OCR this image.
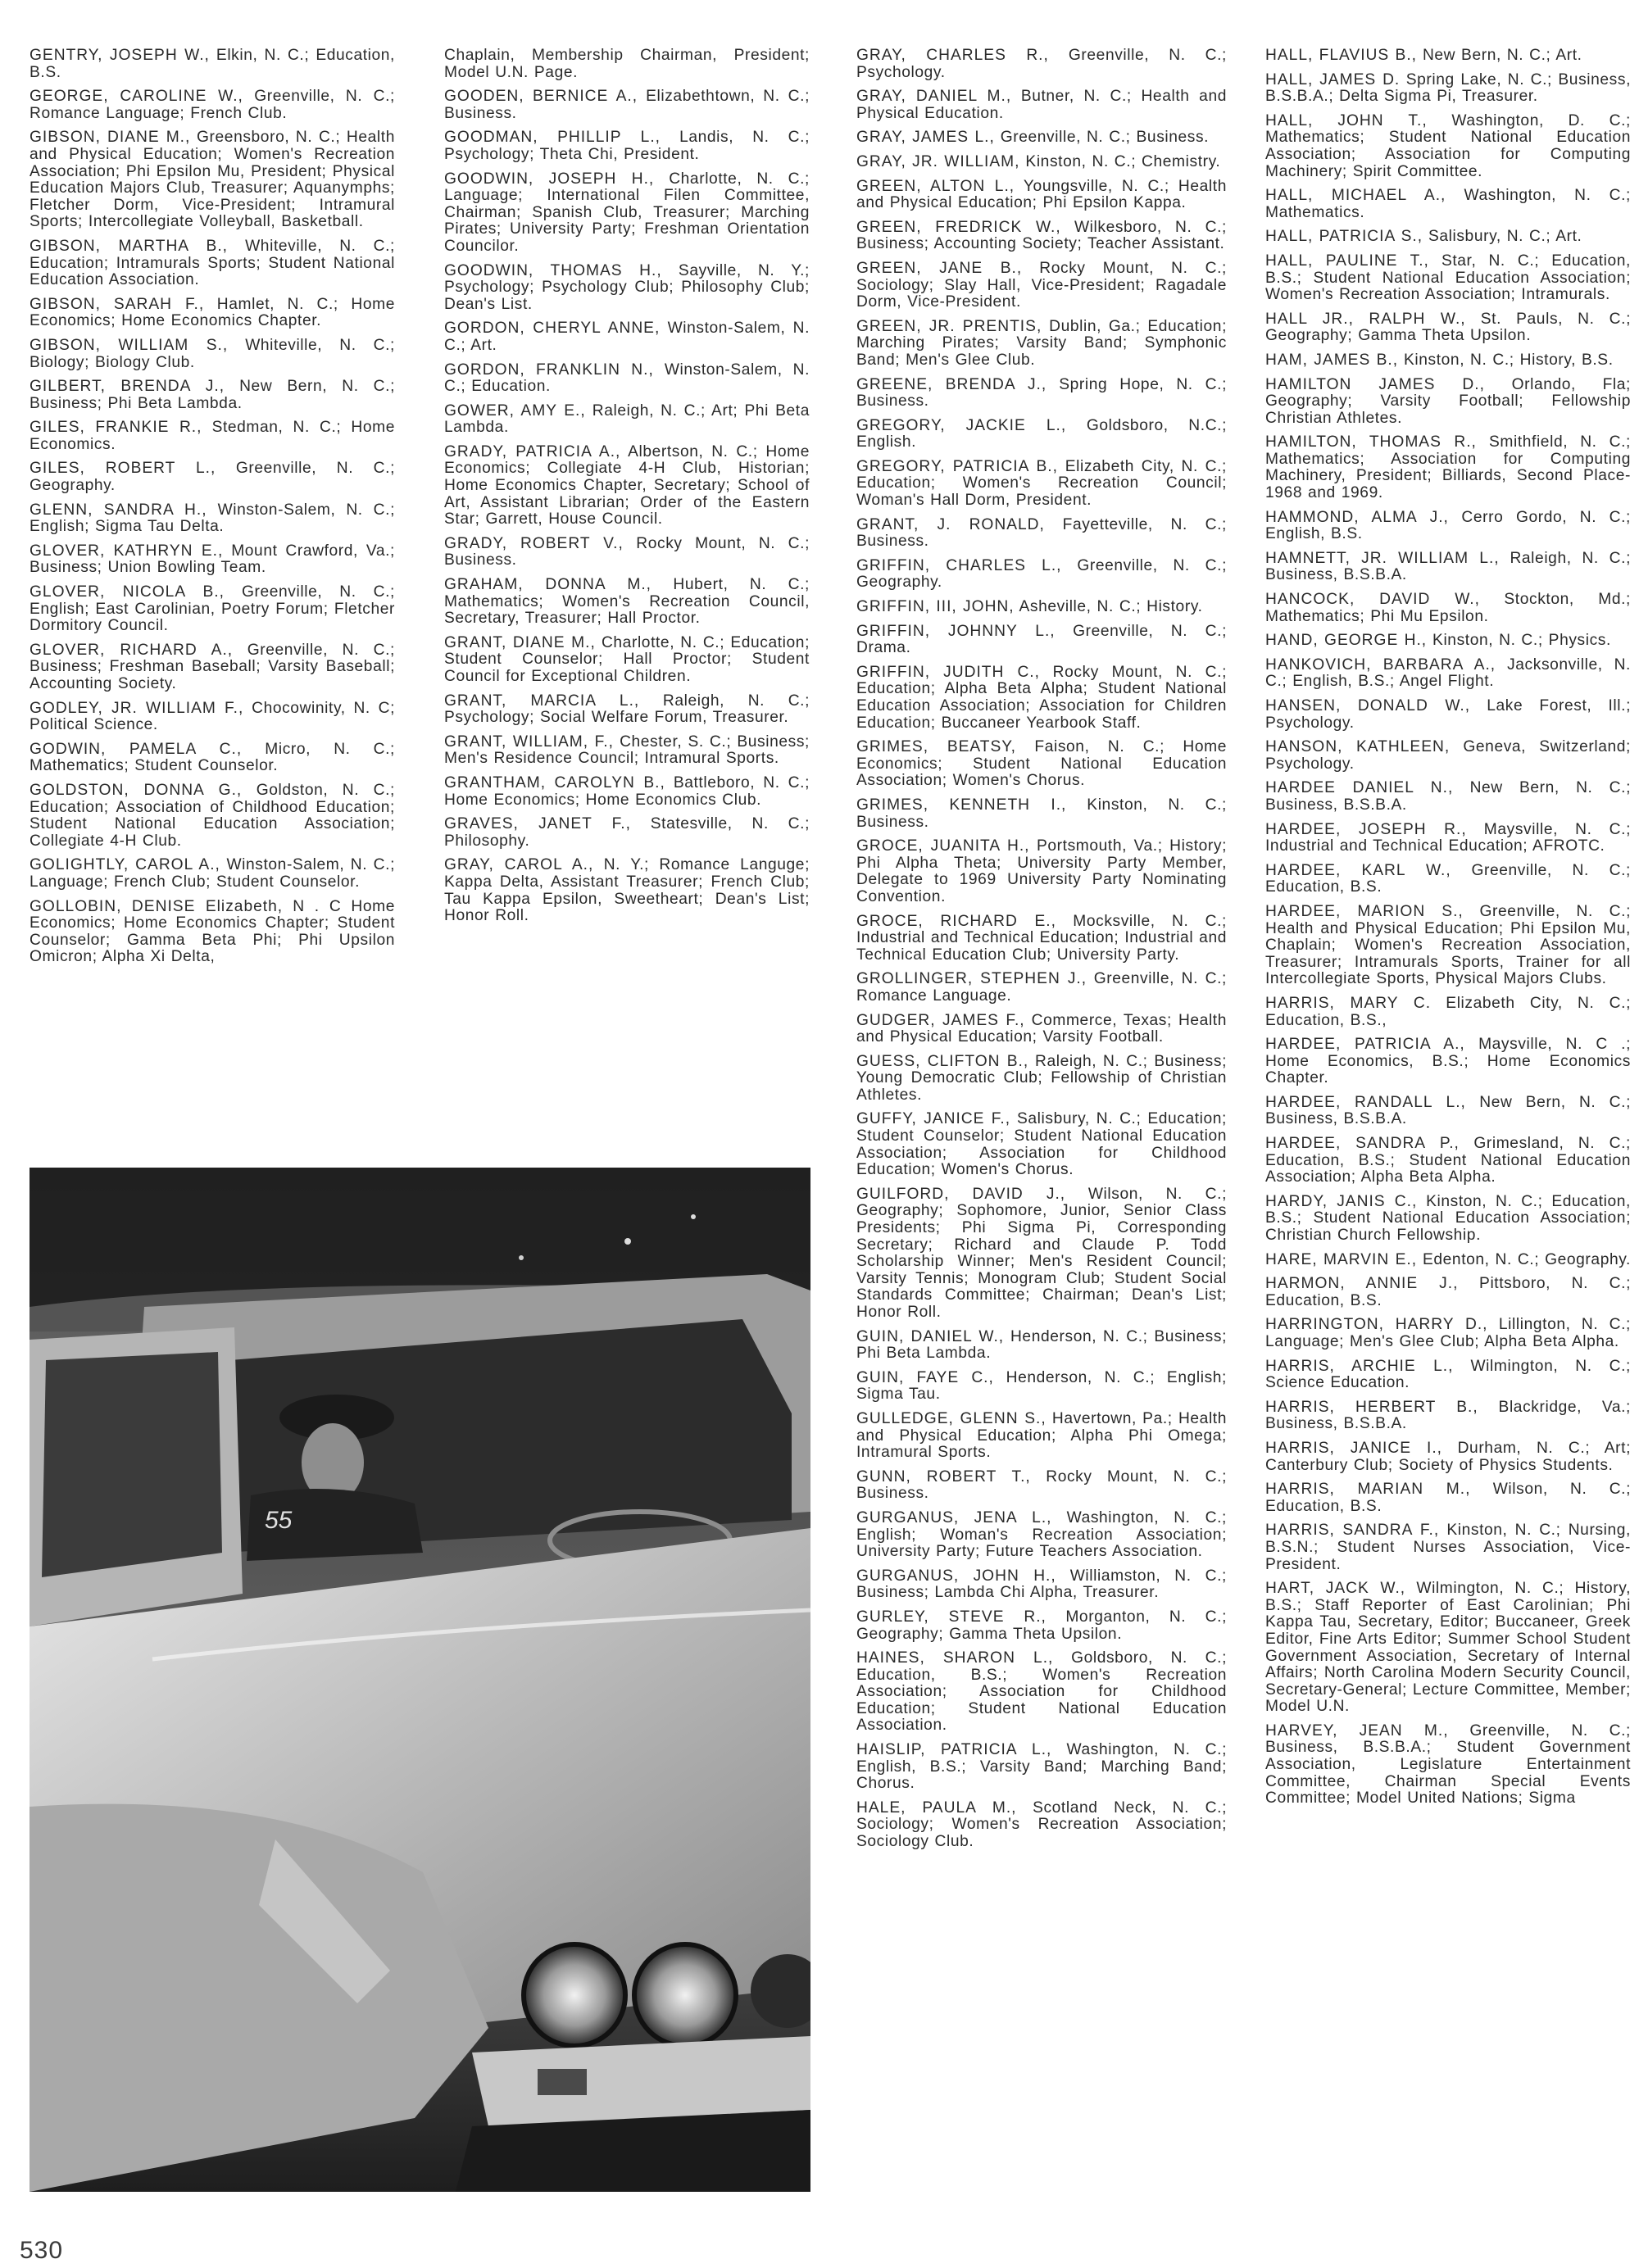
GENTRY, JOSEPH W., Elkin, N. C.; Education, B.S.
GEORGE, CAROLINE W., Greenville, N. C.; Romance Language; French Club.
GIBSON, DIANE M., Greensboro, N. C.; Health and Physical Education; Women's Recreation Association; Phi Epsilon Mu, President; Physical Education Majors Club, Treasurer; Aquanymphs; Fletcher Dorm, Vice-President; Intramural Sports; Intercollegiate Volleyball, Basketball.
GIBSON, MARTHA B., Whiteville, N. C.; Education; Intramurals Sports; Student National Education Association.
GIBSON, SARAH F., Hamlet, N. C.; Home Economics; Home Economics Chapter.
GIBSON, WILLIAM S., Whiteville, N. C.; Biology; Biology Club.
GILBERT, BRENDA J., New Bern, N. C.; Business; Phi Beta Lambda.
GILES, FRANKIE R., Stedman, N. C.; Home Economics.
GILES, ROBERT L., Greenville, N. C.; Geography.
GLENN, SANDRA H., Winston-Salem, N. C.; English; Sigma Tau Delta.
GLOVER, KATHRYN E., Mount Crawford, Va.; Business; Union Bowling Team.
GLOVER, NICOLA B., Greenville, N. C.; English; East Carolinian, Poetry Forum; Fletcher Dormitory Council.
GLOVER, RICHARD A., Greenville, N. C.; Business; Freshman Baseball; Varsity Baseball; Accounting Society.
GODLEY, JR. WILLIAM F., Chocowinity, N. C; Political Science.
GODWIN, PAMELA C., Micro, N. C.; Mathematics; Student Counselor.
GOLDSTON, DONNA G., Goldston, N. C.; Education; Association of Childhood Education; Student National Education Association; Collegiate 4-H Club.
GOLIGHTLY, CAROL A., Winston-Salem, N. C.; Language; French Club; Student Counselor.
GOLLOBIN, DENISE Elizabeth, N . C Home Economics; Home Economics Chapter; Student Counselor; Gamma Beta Phi; Phi Upsilon Omicron; Alpha Xi Delta,
Chaplain, Membership Chairman, President; Model U.N. Page.
GOODEN, BERNICE A., Elizabethtown, N. C.; Business.
GOODMAN, PHILLIP L., Landis, N. C.; Psychology; Theta Chi, President.
GOODWIN, JOSEPH H., Charlotte, N. C.; Language; International Filen Committee, Chairman; Spanish Club, Treasurer; Marching Pirates; University Party; Freshman Orientation Councilor.
GOODWIN, THOMAS H., Sayville, N. Y.; Psychology; Psychology Club; Philosophy Club; Dean's List.
GORDON, CHERYL ANNE, Winston-Salem, N. C.; Art.
GORDON, FRANKLIN N., Winston-Salem, N. C.; Education.
GOWER, AMY E., Raleigh, N. C.; Art; Phi Beta Lambda.
GRADY, PATRICIA A., Albertson, N. C.; Home Economics; Collegiate 4-H Club, Historian; Home Economics Chapter, Secretary; School of Art, Assistant Librarian; Order of the Eastern Star; Garrett, House Council.
GRADY, ROBERT V., Rocky Mount, N. C.; Business.
GRAHAM, DONNA M., Hubert, N. C.; Mathematics; Women's Recreation Council, Secretary, Treasurer; Hall Proctor.
GRANT, DIANE M., Charlotte, N. C.; Education; Student Counselor; Hall Proctor; Student Council for Exceptional Children.
GRANT, MARCIA L., Raleigh, N. C.; Psychology; Social Welfare Forum, Treasurer.
GRANT, WILLIAM, F., Chester, S. C.; Business; Men's Residence Council; Intramural Sports.
GRANTHAM, CAROLYN B., Battleboro, N. C.; Home Economics; Home Economics Club.
GRAVES, JANET F., Statesville, N. C.; Philosophy.
GRAY, CAROL A., N. Y.; Romance Languge; Kappa Delta, Assistant Treasurer; French Club; Tau Kappa Epsilon, Sweetheart; Dean's List; Honor Roll.
GRAY, CHARLES R., Greenville, N. C.; Psychology.
GRAY, DANIEL M., Butner, N. C.; Health and Physical Education.
GRAY, JAMES L., Greenville, N. C.; Business.
GRAY, JR. WILLIAM, Kinston, N. C.; Chemistry.
GREEN, ALTON L., Youngsville, N. C.; Health and Physical Education; Phi Epsilon Kappa.
GREEN, FREDRICK W., Wilkesboro, N. C.; Business; Accounting Society; Teacher Assistant.
GREEN, JANE B., Rocky Mount, N. C.; Sociology; Slay Hall, Vice-President; Ragadale Dorm, Vice-President.
GREEN, JR. PRENTIS, Dublin, Ga.; Education; Marching Pirates; Varsity Band; Symphonic Band; Men's Glee Club.
GREENE, BRENDA J., Spring Hope, N. C.; Business.
GREGORY, JACKIE L., Goldsboro, N.C.; English.
GREGORY, PATRICIA B., Elizabeth City, N. C.; Education; Women's Recreation Council; Woman's Hall Dorm, President.
GRANT, J. RONALD, Fayetteville, N. C.; Business.
GRIFFIN, CHARLES L., Greenville, N. C.; Geography.
GRIFFIN, III, JOHN, Asheville, N. C.; History.
GRIFFIN, JOHNNY L., Greenville, N. C.; Drama.
GRIFFIN, JUDITH C., Rocky Mount, N. C.; Education; Alpha Beta Alpha; Student National Education Association; Association for Children Education; Buccaneer Yearbook Staff.
GRIMES, BEATSY, Faison, N. C.; Home Economics; Student National Education Association; Women's Chorus.
GRIMES, KENNETH I., Kinston, N. C.; Business.
GROCE, JUANITA H., Portsmouth, Va.; History; Phi Alpha Theta; University Party Member, Delegate to 1969 University Party Nominating Convention.
GROCE, RICHARD E., Mocksville, N. C.; Industrial and Technical Education; Industrial and Technical Education Club; University Party.
GROLLINGER, STEPHEN J., Greenville, N. C.; Romance Language.
GUDGER, JAMES F., Commerce, Texas; Health and Physical Education; Varsity Football.
GUESS, CLIFTON B., Raleigh, N. C.; Business; Young Democratic Club; Fellowship of Christian Athletes.
GUFFY, JANICE F., Salisbury, N. C.; Education; Student Counselor; Student National Education Association; Association for Childhood Education; Women's Chorus.
GUILFORD, DAVID J., Wilson, N. C.; Geography; Sophomore, Junior, Senior Class Presidents; Phi Sigma Pi, Corresponding Secretary; Richard and Claude P. Todd Scholarship Winner; Men's Resident Council; Varsity Tennis; Monogram Club; Student Social Standards Committee; Chairman; Dean's List; Honor Roll.
GUIN, DANIEL W., Henderson, N. C.; Business; Phi Beta Lambda.
GUIN, FAYE C., Henderson, N. C.; English; Sigma Tau.
GULLEDGE, GLENN S., Havertown, Pa.; Health and Physical Education; Alpha Phi Omega; Intramural Sports.
GUNN, ROBERT T., Rocky Mount, N. C.; Business.
GURGANUS, JENA L., Washington, N. C.; English; Woman's Recreation Association; University Party; Future Teachers Association.
GURGANUS, JOHN H., Williamston, N. C.; Business; Lambda Chi Alpha, Treasurer.
GURLEY, STEVE R., Morganton, N. C.; Geography; Gamma Theta Upsilon.
HAINES, SHARON L., Goldsboro, N. C.; Education, B.S.; Women's Recreation Association; Association for Childhood Education; Student National Education Association.
HAISLIP, PATRICIA L., Washington, N. C.; English, B.S.; Varsity Band; Marching Band; Chorus.
HALE, PAULA M., Scotland Neck, N. C.; Sociology; Women's Recreation Association; Sociology Club.
HALL, FLAVIUS B., New Bern, N. C.; Art.
HALL, JAMES D. Spring Lake, N. C.; Business, B.S.B.A.; Delta Sigma Pi, Treasurer.
HALL, JOHN T., Washington, D. C.; Mathematics; Student National Education Association; Association for Computing Machinery; Spirit Committee.
HALL, MICHAEL A., Washington, N. C.; Mathematics.
HALL, PATRICIA S., Salisbury, N. C.; Art.
HALL, PAULINE T., Star, N. C.; Education, B.S.; Student National Education Association; Women's Recreation Association; Intramurals.
HALL JR., RALPH W., St. Pauls, N. C.; Geography; Gamma Theta Upsilon.
HAM, JAMES B., Kinston, N. C.; History, B.S.
HAMILTON JAMES D., Orlando, Fla; Geography; Varsity Football; Fellowship Christian Athletes.
HAMILTON, THOMAS R., Smithfield, N. C.; Mathematics; Association for Computing Machinery, President; Billiards, Second Place-1968 and 1969.
HAMMOND, ALMA J., Cerro Gordo, N. C.; English, B.S.
HAMNETT, JR. WILLIAM L., Raleigh, N. C.; Business, B.S.B.A.
HANCOCK, DAVID W., Stockton, Md.; Mathematics; Phi Mu Epsilon.
HAND, GEORGE H., Kinston, N. C.; Physics.
HANKOVICH, BARBARA A., Jacksonville, N. C.; English, B.S.; Angel Flight.
HANSEN, DONALD W., Lake Forest, Ill.; Psychology.
HANSON, KATHLEEN, Geneva, Switzerland; Psychology.
HARDEE DANIEL N., New Bern, N. C.; Business, B.S.B.A.
HARDEE, JOSEPH R., Maysville, N. C.; Industrial and Technical Education; AFROTC.
HARDEE, KARL W., Greenville, N. C.; Education, B.S.
HARDEE, MARION S., Greenville, N. C.; Health and Physical Education; Phi Epsilon Mu, Chaplain; Women's Recreation Association, Treasurer; Intramurals Sports, Trainer for all Intercollegiate Sports, Physical Majors Clubs.
HARRIS, MARY C. Elizabeth City, N. C.; Education, B.S.,
HARDEE, PATRICIA A., Maysville, N. C .; Home Economics, B.S.; Home Economics Chapter.
HARDEE, RANDALL L., New Bern, N. C.; Business, B.S.B.A.
HARDEE, SANDRA P., Grimesland, N. C.; Education, B.S.; Student National Education Association; Alpha Beta Alpha.
HARDY, JANIS C., Kinston, N. C.; Education, B.S.; Student National Education Association; Christian Church Fellowship.
HARE, MARVIN E., Edenton, N. C.; Geography.
HARMON, ANNIE J., Pittsboro, N. C.; Education, B.S.
HARRINGTON, HARRY D., Lillington, N. C.; Language; Men's Glee Club; Alpha Beta Alpha.
HARRIS, ARCHIE L., Wilmington, N. C.; Science Education.
HARRIS, HERBERT B., Blackridge, Va.; Business, B.S.B.A.
HARRIS, JANICE I., Durham, N. C.; Art; Canterbury Club; Society of Physics Students.
HARRIS, MARIAN M., Wilson, N. C.; Education, B.S.
HARRIS, SANDRA F., Kinston, N. C.; Nursing, B.S.N.; Student Nurses Association, Vice-President.
HART, JACK W., Wilmington, N. C.; History, B.S.; Staff Reporter of East Carolinian; Phi Kappa Tau, Secretary, Editor; Buccaneer, Greek Editor, Fine Arts Editor; Summer School Student Government Association, Secretary of Internal Affairs; North Carolina Modern Security Council, Secretary-General; Lecture Committee, Member; Model U.N.
HARVEY, JEAN M., Greenville, N. C.; Business, B.S.B.A.; Student Government Association, Legislature Entertainment Committee, Chairman Special Events Committee; Model United Nations; Sigma
55
530
